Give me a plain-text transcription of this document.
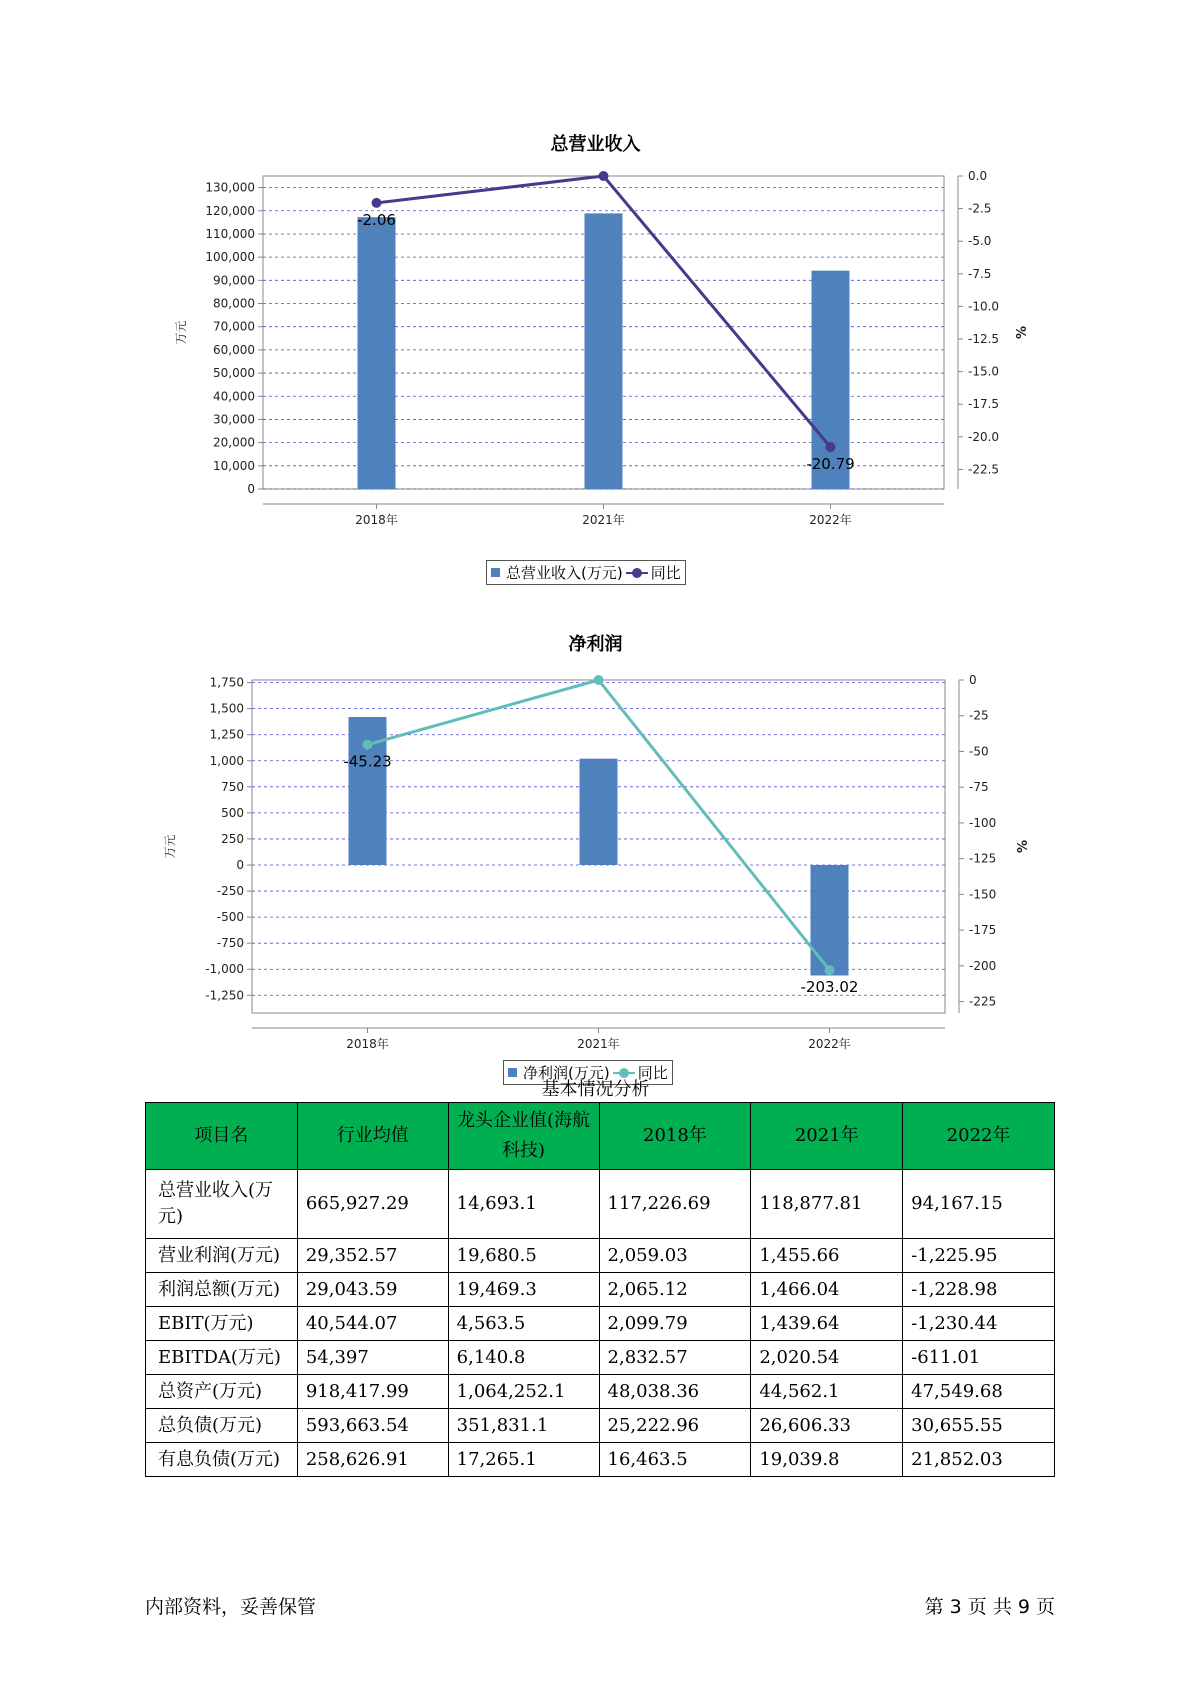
总营业收入
0
10,000
20,000
30,000
40,000
50,000
60,000
70,000
80,000
90,000
100,000
110,000
120,000
130,000
0.0
-2.5
-5.0
-7.5
-10.0
-12.5
-15.0
-17.5
-20.0
-22.5
万元	%
2018年	2021年	2022年
-2.06
-20.79
总营业收入(万元) 同比
净利润
1,750
1,500
1,250
1,000
750
500
250
0
-250
-500
-750
-1,000
-1,250
0
-25
-50
-75
-100
-125
-150
-175
-200
-225
万元	%
2018年	2021年	2022年
-45.23
-203.02
净利润(万元) 同比
基本情况分析
项目名	行业均值	龙头企业值(海航科技)	2018年	2021年	2022年
总营业收入(万元)	665,927.29	14,693.1	117,226.69	118,877.81	94,167.15
营业利润(万元)	29,352.57	19,680.5	2,059.03	1,455.66	-1,225.95
利润总额(万元)	29,043.59	19,469.3	2,065.12	1,466.04	-1,228.98
EBIT(万元)	40,544.07	4,563.5	2,099.79	1,439.64	-1,230.44
EBITDA(万元)	54,397	6,140.8	2,832.57	2,020.54	-611.01
总资产(万元)	918,417.99	1,064,252.1	48,038.36	44,562.1	47,549.68
总负债(万元)	593,663.54	351,831.1	25,222.96	26,606.33	30,655.55
有息负债(万元)	258,626.91	17,265.1	16,463.5	19,039.8	21,852.03
内部资料，妥善保管	第 3 页 共 9 页
